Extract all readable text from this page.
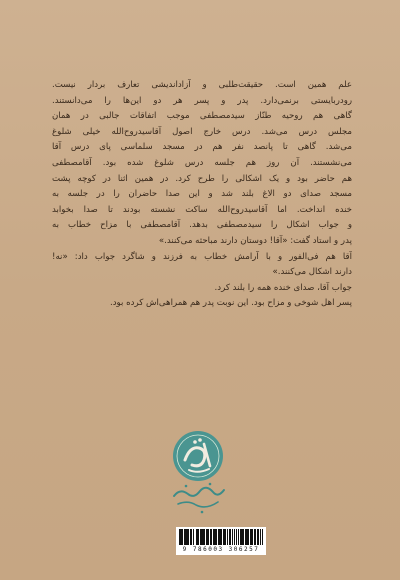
علم همین است. حقیقت‌طلبی و آزاداندیشی تعارف بردار نیست.
رودربایستی برنمی‌دارد. پدر و پسر هر دو این‌ها را می‌دانستند.
گاهی هم روحیه طنّاز سیدمصطفی موجب اتفاقات جالبی در همان
مجلس درس می‌شد. درس خارج اصول آقاسیدروح‌الله خیلی شلوغ
می‌شد. گاهی تا پانصد نفر هم در مسجد سلماسی پای درس آقا
می‌نشستند. آن روز هم جلسه درس شلوغ شده بود. آقامصطفی
هم حاضر بود و یک اشکالی را طرح کرد. در همین اثنا در کوچه پشت
مسجد صدای دو الاغ بلند شد و این صدا حاضران را در جلسه به
خنده انداخت. اما آقاسیدروح‌الله ساکت نشسته بودند تا صدا بخوابد
و جواب اشکال را سیدمصطفی بدهد. آقامصطفی با مزاح خطاب به
پدر و استاد گفت: «آقا! دوستان دارند مباحثه می‌کنند.»
آقا هم فی‌الفور و با آرامش خطاب به فرزند و شاگرد جواب داد: «نه!
دارند اشکال می‌کنند.»
جواب آقا، صدای خنده همه را بلند کرد.
پسر اهل شوخی و مزاح بود. این نوبت پدر هم همراهی‌اش کرده بود.
9 786003 306257
